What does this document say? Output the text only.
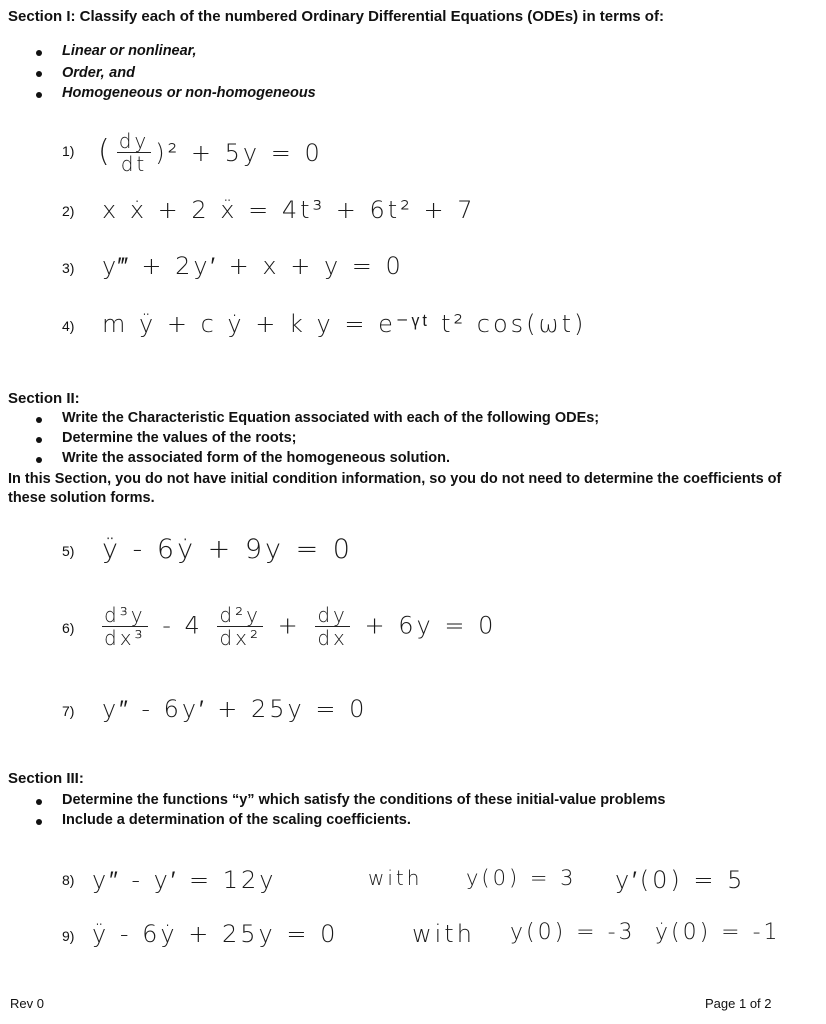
Section I: Classify each of the numbered Ordinary Differential Equations (ODEs) in terms of:
Linear or nonlinear,
Order, and
Homogeneous or non-homogeneous
1) ( $\frac{dy}{dt} )^2 + 5y = 0$
2) x ẋ + 2 ẍ = 4t³ + 6t² + 7
3) y‴ + 2y′ + x + y = 0
4) m ÿ + c ẏ + k y = e⁻ᵞᵗ t² cos(ωt)
Section II:
Write the Characteristic Equation associated with each of the following ODEs;
Determine the values of the roots;
Write the associated form of the homogeneous solution.
In this Section, you do not have initial condition information, so you do not need to determine the coefficients of these solution forms.
5) ÿ - 6ẏ + 9y = 0
$6) \frac{\text{d³y}}{\text{dx³}} - 4 \frac{\text{d²y}}{\text{dx²}} + \frac{dy}{dx} + 6y = 0$
7) y″ - 6y′ + 25y = 0
Section III:
Determine the functions “y” which satisfy the conditions of these initial-value problems
Include a determination of the scaling coefficients.
8) y″ - y′ = 12y	with y(0) = 3 y′(0) = 5
9) ÿ - 6ẏ + 25y = 0	with y(0) = -3 ẏ(0) = -1
Rev 0	Page 1 of 2
